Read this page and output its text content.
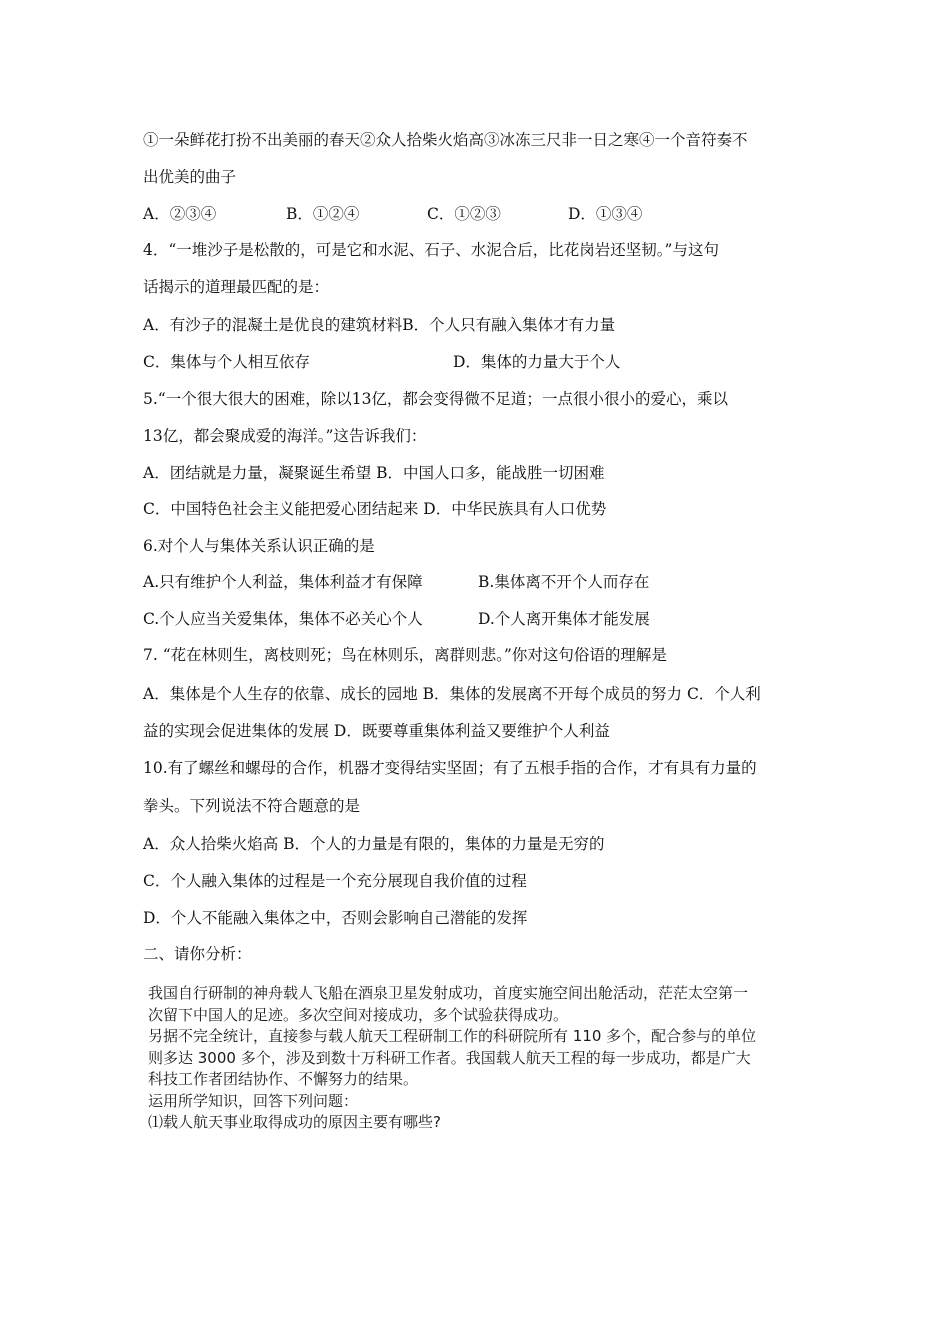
①一朵鲜花打扮不出美丽的春天②众人拾柴火焰高③冰冻三尺非一日之寒④一个音符奏不

出优美的曲子

A．②③④	B．①②④	C．①②③	D．①③④

4．“一堆沙子是松散的，可是它和水泥、石子、水泥合后，比花岗岩还坚韧。”与这句

话揭示的道理最匹配的是：

A．有沙子的混凝土是优良的建筑材料B．个人只有融入集体才有力量

C．集体与个人相互依存	D．集体的力量大于个人

5.“一个很大很大的困难，除以13亿，都会变得微不足道；一点很小很小的爱心，乘以

13亿，都会聚成爱的海洋。”这告诉我们：

A．团结就是力量，凝聚诞生希望 B．中国人口多，能战胜一切困难

C．中国特色社会主义能把爱心团结起来 D．中华民族具有人口优势

6.对个人与集体关系认识正确的是

A.只有维护个人利益，集体利益才有保障	B.集体离不开个人而存在

C.个人应当关爱集体，集体不必关心个人	D.个人离开集体才能发展

7. “花在林则生，离枝则死；鸟在林则乐，离群则悲。”你对这句俗语的理解是

A．集体是个人生存的依靠、成长的园地 B．集体的发展离不开每个成员的努力 C．个人利

益的实现会促进集体的发展 D．既要尊重集体利益又要维护个人利益

10.有了螺丝和螺母的合作，机器才变得结实坚固；有了五根手指的合作，才有具有力量的

拳头。下列说法不符合题意的是

A．众人拾柴火焰高 B．个人的力量是有限的，集体的力量是无穷的

C．个人融入集体的过程是一个充分展现自我价值的过程

D．个人不能融入集体之中，否则会影响自己潜能的发挥

二、请你分析：

我国自行研制的神舟载人飞船在酒泉卫星发射成功，首度实施空间出舱活动，茫茫太空第一

次留下中国人的足迹。多次空间对接成功，多个试验获得成功。

另据不完全统计，直接参与载人航天工程研制工作的科研院所有 110 多个，配合参与的单位

则多达 3000 多个，涉及到数十万科研工作者。我国载人航天工程的每一步成功，都是广大

科技工作者团结协作、不懈努力的结果。

运用所学知识，回答下列问题：

⑴载人航天事业取得成功的原因主要有哪些?
